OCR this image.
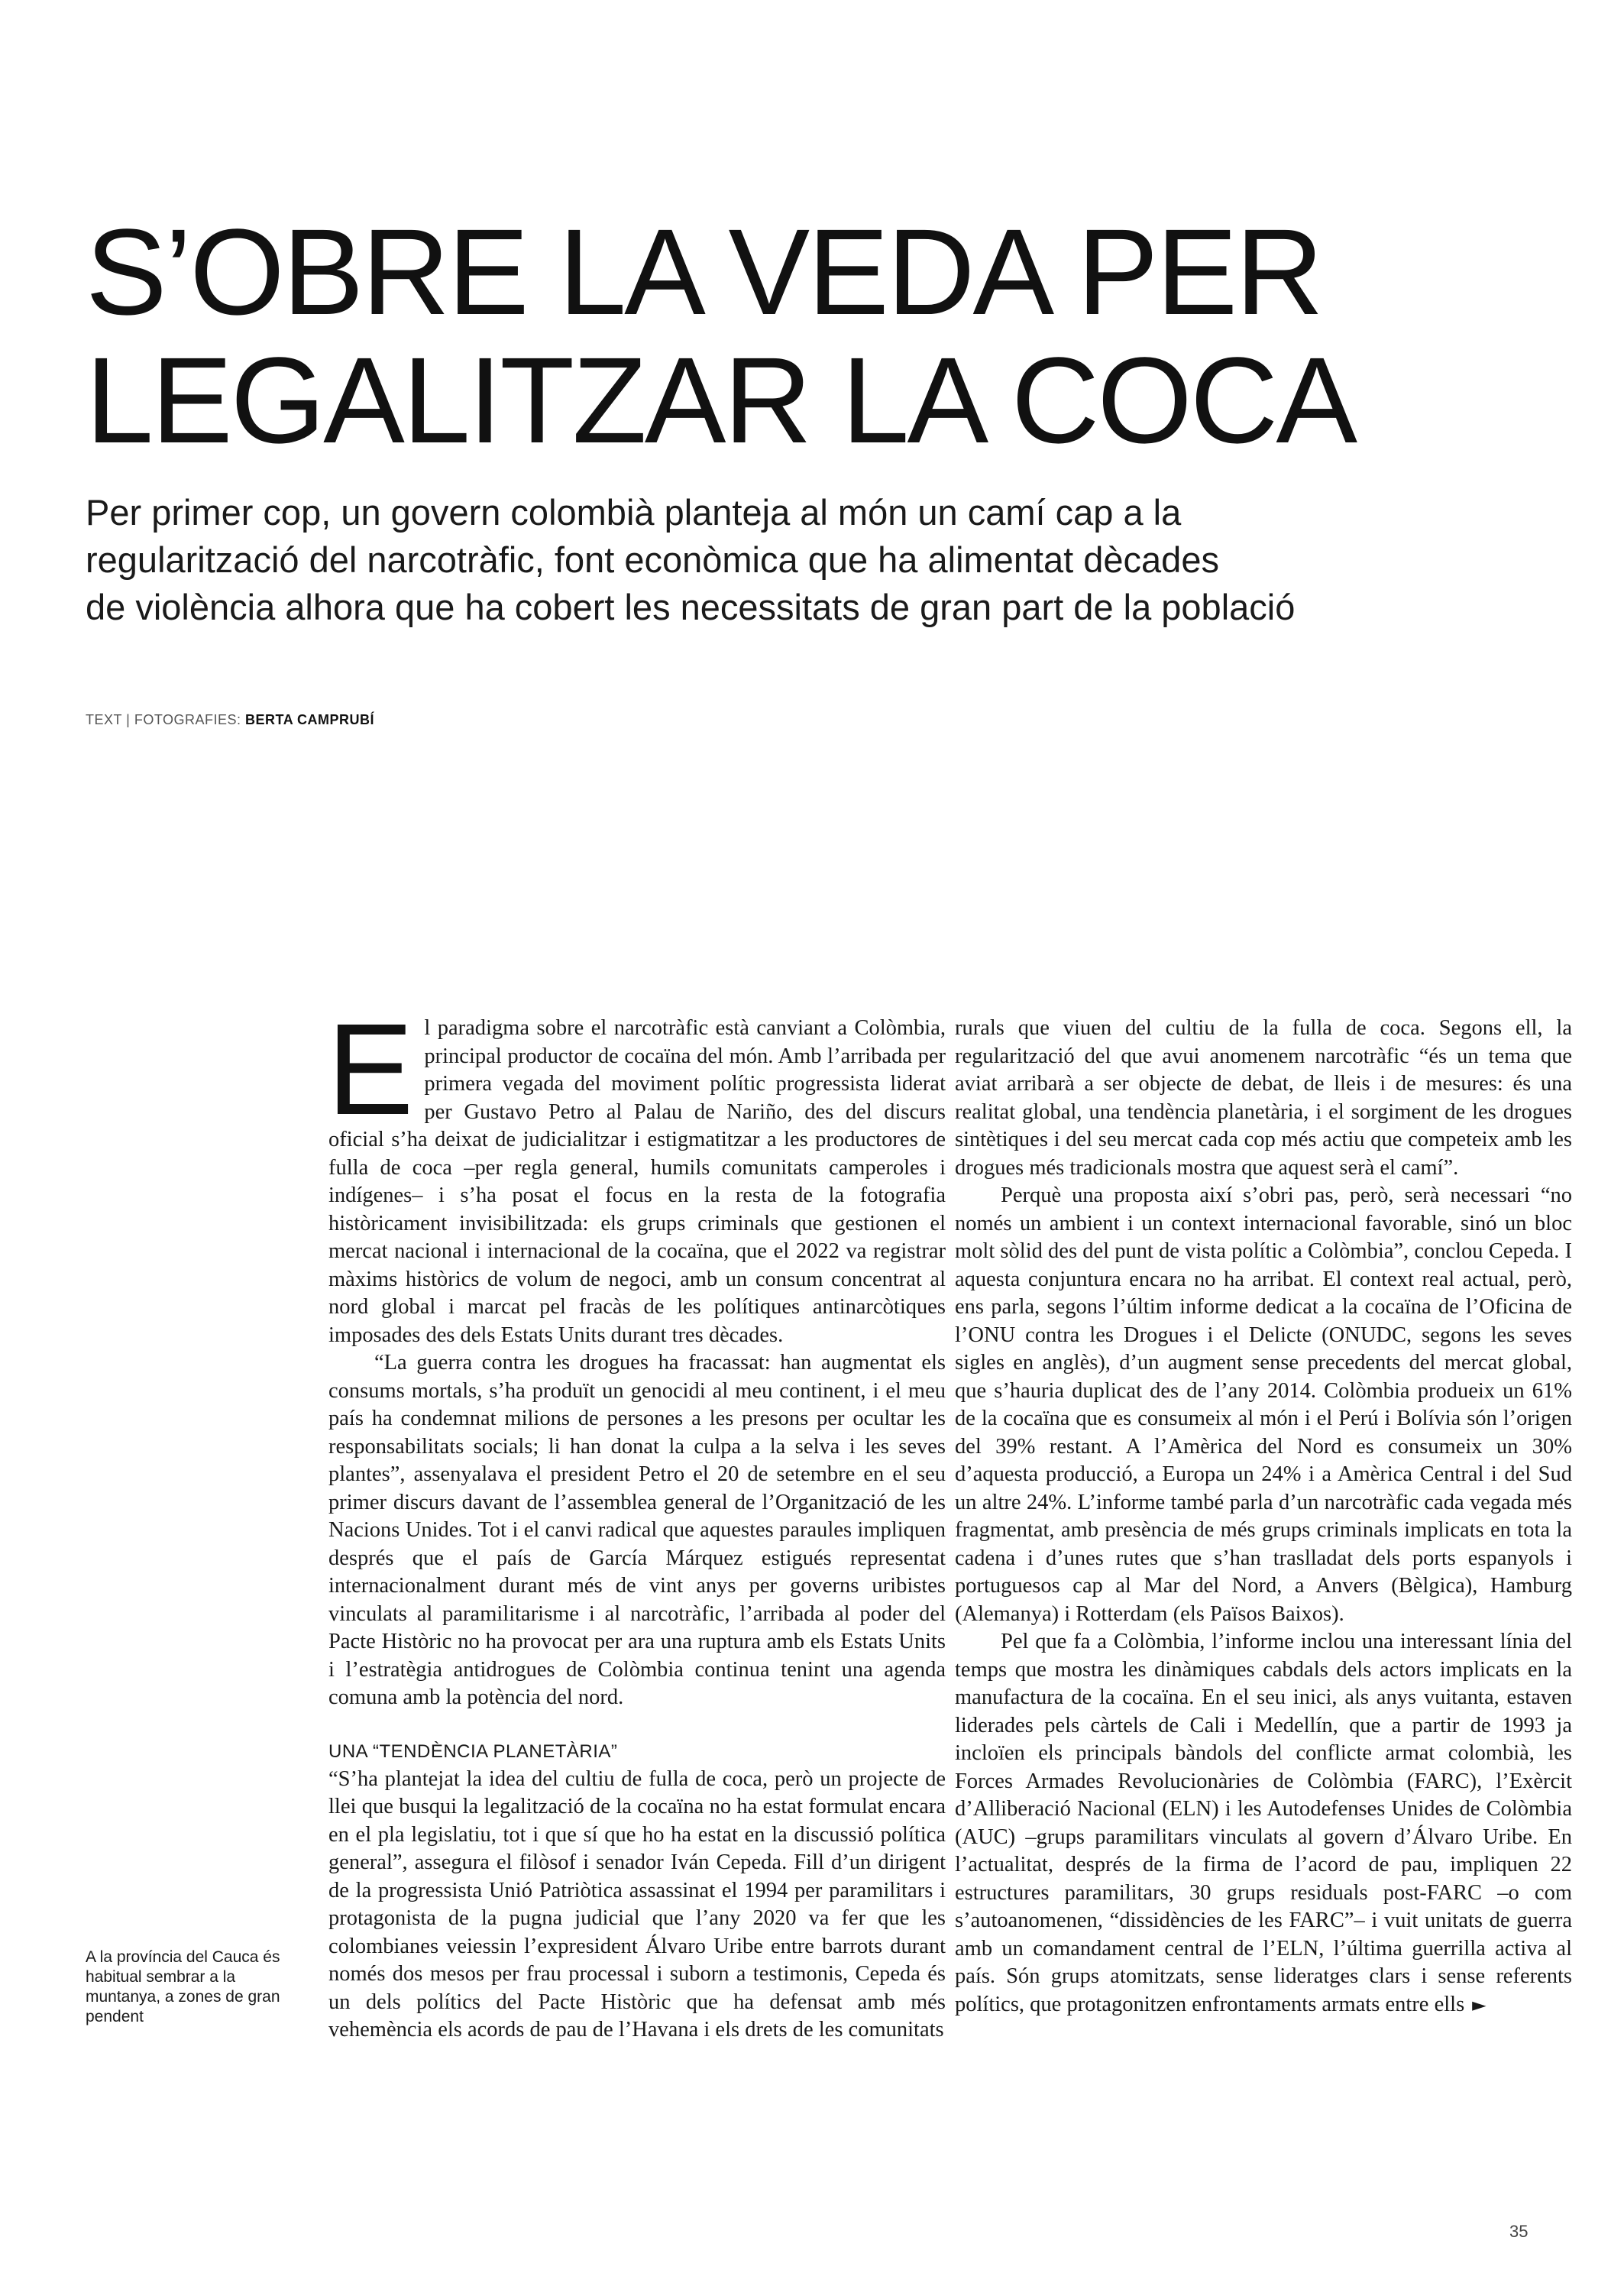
S’OBRE LA VEDA PER
LEGALITZAR LA COCA
Per primer cop, un govern colombià planteja al món un camí cap a la
regularització del narcotràfic, font econòmica que ha alimentat dècades
de violència alhora que ha cobert les necessitats de gran part de la població
TEXT | FOTOGRAFIES: BERTA CAMPRUBÍ

El paradigma sobre el narcotràfic està canviant a Colòmbia, principal productor de cocaïna del món. Amb l’arribada per primera vegada del moviment polític progressista liderat per Gustavo Petro al Palau de Nariño, des del discurs oficial s’ha deixat de judicialitzar i estigmatitzar a les productores de fulla de coca –per regla general, humils comunitats camperoles i indígenes– i s’ha posat el focus en la resta de la fotografia històricament invisibilitzada: els grups criminals que gestionen el mercat nacional i internacional de la cocaïna, que el 2022 va registrar màxims històrics de volum de negoci, amb un consum concentrat al nord global i marcat pel fracàs de les polítiques antinarcòtiques imposades des dels Estats Units durant tres dècades.

“La guerra contra les drogues ha fracassat: han augmentat els consums mortals, s’ha produït un genocidi al meu continent, i el meu país ha condemnat milions de persones a les presons per ocultar les responsabilitats socials; li han donat la culpa a la selva i les seves plantes”, assenyalava el president Petro el 20 de setembre en el seu primer discurs davant de l’assemblea general de l’Organització de les Nacions Unides. Tot i el canvi radical que aquestes paraules impliquen després que el país de García Márquez estigués representat internacionalment durant més de vint anys per governs uribistes vinculats al paramilitarisme i al narcotràfic, l’arribada al poder del Pacte Històric no ha provocat per ara una ruptura amb els Estats Units i l’estratègia antidrogues de Colòmbia continua tenint una agenda comuna amb la potència del nord.

UNA “TENDÈNCIA PLANETÀRIA”

“S’ha plantejat la idea del cultiu de fulla de coca, però un projecte de llei que busqui la legalització de la cocaïna no ha estat formulat encara en el pla legislatiu, tot i que sí que ho ha estat en la discussió política general”, assegura el filòsof i senador Iván Cepeda. Fill d’un dirigent de la progressista Unió Patriòtica assassinat el 1994 per paramilitars i protagonista de la pugna judicial que l’any 2020 va fer que les colombianes veiessin l’expresident Álvaro Uribe entre barrots durant només dos mesos per frau processal i suborn a testimonis, Cepeda és un dels polítics del Pacte Històric que ha defensat amb més vehemència els acords de pau de l’Havana i els drets de les comunitats

rurals que viuen del cultiu de la fulla de coca. Segons ell, la regularització del que avui anomenem narcotràfic “és un tema que aviat arribarà a ser objecte de debat, de lleis i de mesures: és una realitat global, una tendència planetària, i el sorgiment de les drogues sintètiques i del seu mercat cada cop més actiu que competeix amb les drogues més tradicionals mostra que aquest serà el camí”.

Perquè una proposta així s’obri pas, però, serà necessari “no només un ambient i un context internacional favorable, sinó un bloc molt sòlid des del punt de vista polític a Colòmbia”, conclou Cepeda. I aquesta conjuntura encara no ha arribat. El context real actual, però, ens parla, segons l’últim informe dedicat a la cocaïna de l’Oficina de l’ONU contra les Drogues i el Delicte (ONUDC, segons les seves sigles en anglès), d’un augment sense precedents del mercat global, que s’hauria duplicat des de l’any 2014. Colòmbia produeix un 61% de la cocaïna que es consumeix al món i el Perú i Bolívia són l’origen del 39% restant. A l’Amèrica del Nord es consumeix un 30% d’aquesta producció, a Europa un 24% i a Amèrica Central i del Sud un altre 24%. L’informe també parla d’un narcotràfic cada vegada més fragmentat, amb presència de més grups criminals implicats en tota la cadena i d’unes rutes que s’han traslladat dels ports espanyols i portuguesos cap al Mar del Nord, a Anvers (Bèlgica), Hamburg (Alemanya) i Rotterdam (els Països Baixos).

Pel que fa a Colòmbia, l’informe inclou una interessant línia del temps que mostra les dinàmiques cabdals dels actors implicats en la manufactura de la cocaïna. En el seu inici, als anys vuitanta, estaven liderades pels càrtels de Cali i Medellín, que a partir de 1993 ja incloïen els principals bàndols del conflicte armat colombià, les Forces Armades Revolucionàries de Colòmbia (FARC), l’Exèrcit d’Alliberació Nacional (ELN) i les Autodefenses Unides de Colòmbia (AUC) –grups paramilitars vinculats al govern d’Álvaro Uribe. En l’actualitat, després de la firma de l’acord de pau, impliquen 22 estructures paramilitars, 30 grups residuals post-FARC –o com s’autoanomenen, “dissidències de les FARC”– i vuit unitats de guerra amb un comandament central de l’ELN, l’última guerrilla activa al país. Són grups atomitzats, sense lideratges clars i sense referents polítics, que protagonitzen enfrontaments armats entre ells ►

A la província del Cauca és habitual sembrar a la muntanya, a zones de gran pendent
35
